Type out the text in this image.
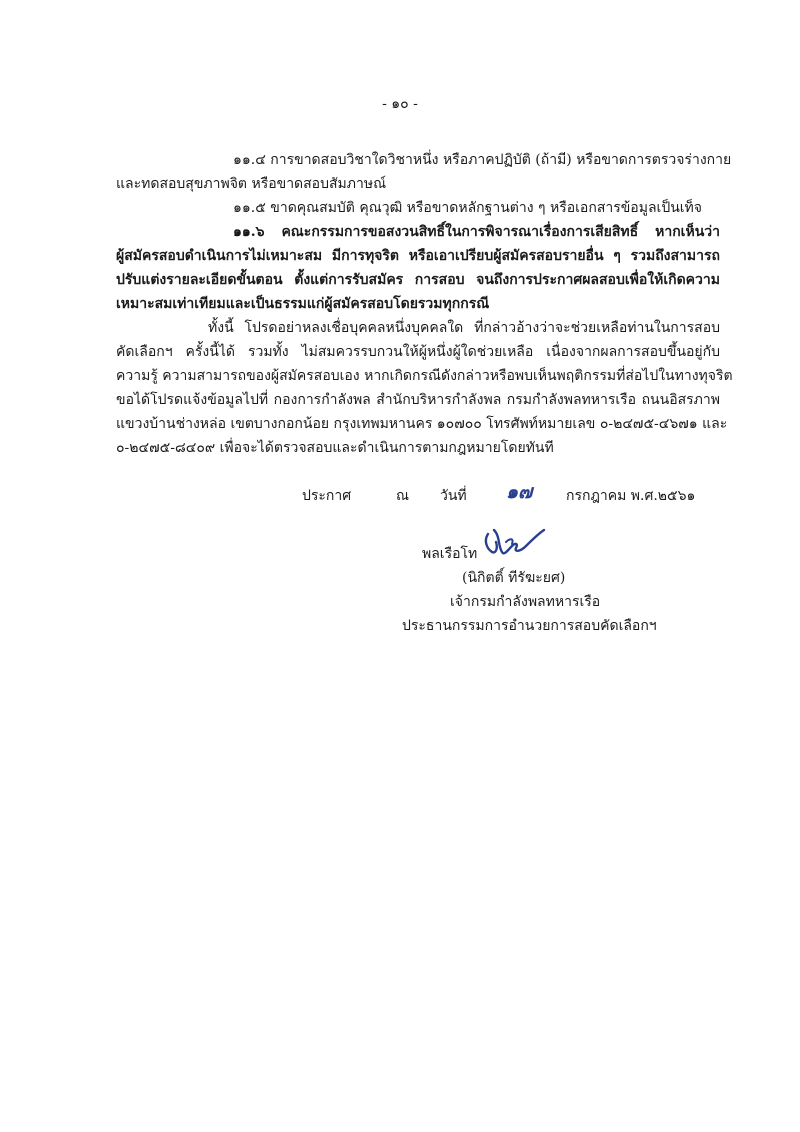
- ๑๐ -
๑๑.๔ การขาดสอบวิชาใดวิชาหนึ่ง หรือภาคปฏิบัติ (ถ้ามี) หรือขาดการตรวจร่างกาย
และทดสอบสุขภาพจิต หรือขาดสอบสัมภาษณ์
๑๑.๕ ขาดคุณสมบัติ คุณวุฒิ หรือขาดหลักฐานต่าง ๆ หรือเอกสารข้อมูลเป็นเท็จ
๑๑.๖ คณะกรรมการขอสงวนสิทธิ์ในการพิจารณาเรื่องการเสียสิทธิ์ หากเห็นว่า
ผู้สมัครสอบดำเนินการไม่เหมาะสม มีการทุจริต หรือเอาเปรียบผู้สมัครสอบรายอื่น ๆ รวมถึงสามารถ
ปรับแต่งรายละเอียดขั้นตอน ตั้งแต่การรับสมัคร การสอบ จนถึงการประกาศผลสอบเพื่อให้เกิดความ
เหมาะสมเท่าเทียมและเป็นธรรมแก่ผู้สมัครสอบโดยรวมทุกกรณี
ทั้งนี้ โปรดอย่าหลงเชื่อบุคคลหนึ่งบุคคลใด ที่กล่าวอ้างว่าจะช่วยเหลือท่านในการสอบ
คัดเลือกฯ ครั้งนี้ได้ รวมทั้ง ไม่สมควรรบกวนให้ผู้หนึ่งผู้ใดช่วยเหลือ เนื่องจากผลการสอบขึ้นอยู่กับ
ความรู้ ความสามารถของผู้สมัครสอบเอง หากเกิดกรณีดังกล่าวหรือพบเห็นพฤติกรรมที่ส่อไปในทางทุจริต
ขอได้โปรดแจ้งข้อมูลไปที่ กองการกำลังพล สำนักบริหารกำลังพล กรมกำลังพลทหารเรือ ถนนอิสรภาพ
แขวงบ้านช่างหล่อ เขตบางกอกน้อย กรุงเทพมหานคร ๑๐๗๐๐ โทรศัพท์หมายเลข ๐-๒๔๗๕-๔๖๗๑ และ
๐-๒๔๗๕-๘๔๐๙ เพื่อจะได้ตรวจสอบและดำเนินการตามกฎหมายโดยทันที
ประกาศ	ณ วันที่ ๑๗ กรกฎาคม พ.ศ.๒๕๖๑
พลเรือโท
(นิกิตติ์ ทีรัฆะยศ)
เจ้ากรมกำลังพลทหารเรือ
ประธานกรรมการอำนวยการสอบคัดเลือกฯ
